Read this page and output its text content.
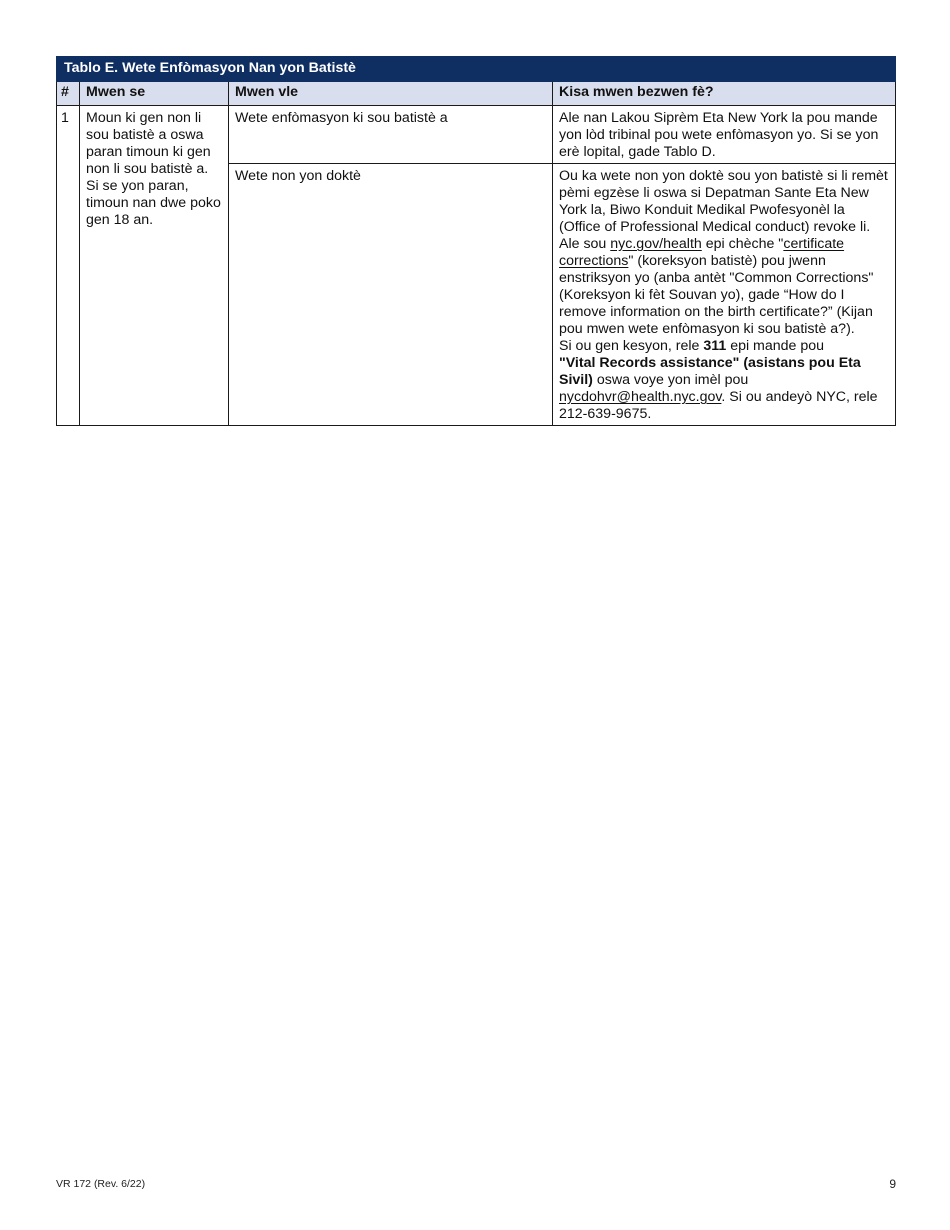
Tablo E. Wete Enfòmasyon Nan yon Batistè			
#	Mwen se	Mwen vle	Kisa mwen bezwen fè?
1	Moun ki gen non li sou batistè a oswa paran timoun ki gen non li sou batistè a. Si se yon paran, timoun nan dwe poko gen 18 an.	Wete enfòmasyon ki sou batistè a	Ale nan Lakou Siprèm Eta New York la pou mande yon lòd tribinal pou wete enfòmasyon yo. Si se yon erè lopital, gade Tablo D.
		Wete non yon doktè	Ou ka wete non yon doktè sou yon batistè si li remèt pèmi egzèse li oswa si Depatman Sante Eta New York la, Biwo Konduit Medikal Pwofesyonèl la (Office of Professional Medical conduct) revoke li. Ale sou nyc.gov/health epi chèche "certificate corrections" (koreksyon batistè) pou jwenn enstriksyon yo (anba antèt "Common Corrections" (Koreksyon ki fèt Souvan yo), gade “How do I remove information on the birth certificate?” (Kijan pou mwen wete enfòmasyon ki sou batistè a?).
Si ou gen kesyon, rele 311 epi mande pou
"Vital Records assistance" (asistans pou Eta Sivil) oswa voye yon imèl pou nycdohvr@health.nyc.gov. Si ou andeyò NYC, rele 212-639-9675.
VR 172 (Rev. 6/22)	9
